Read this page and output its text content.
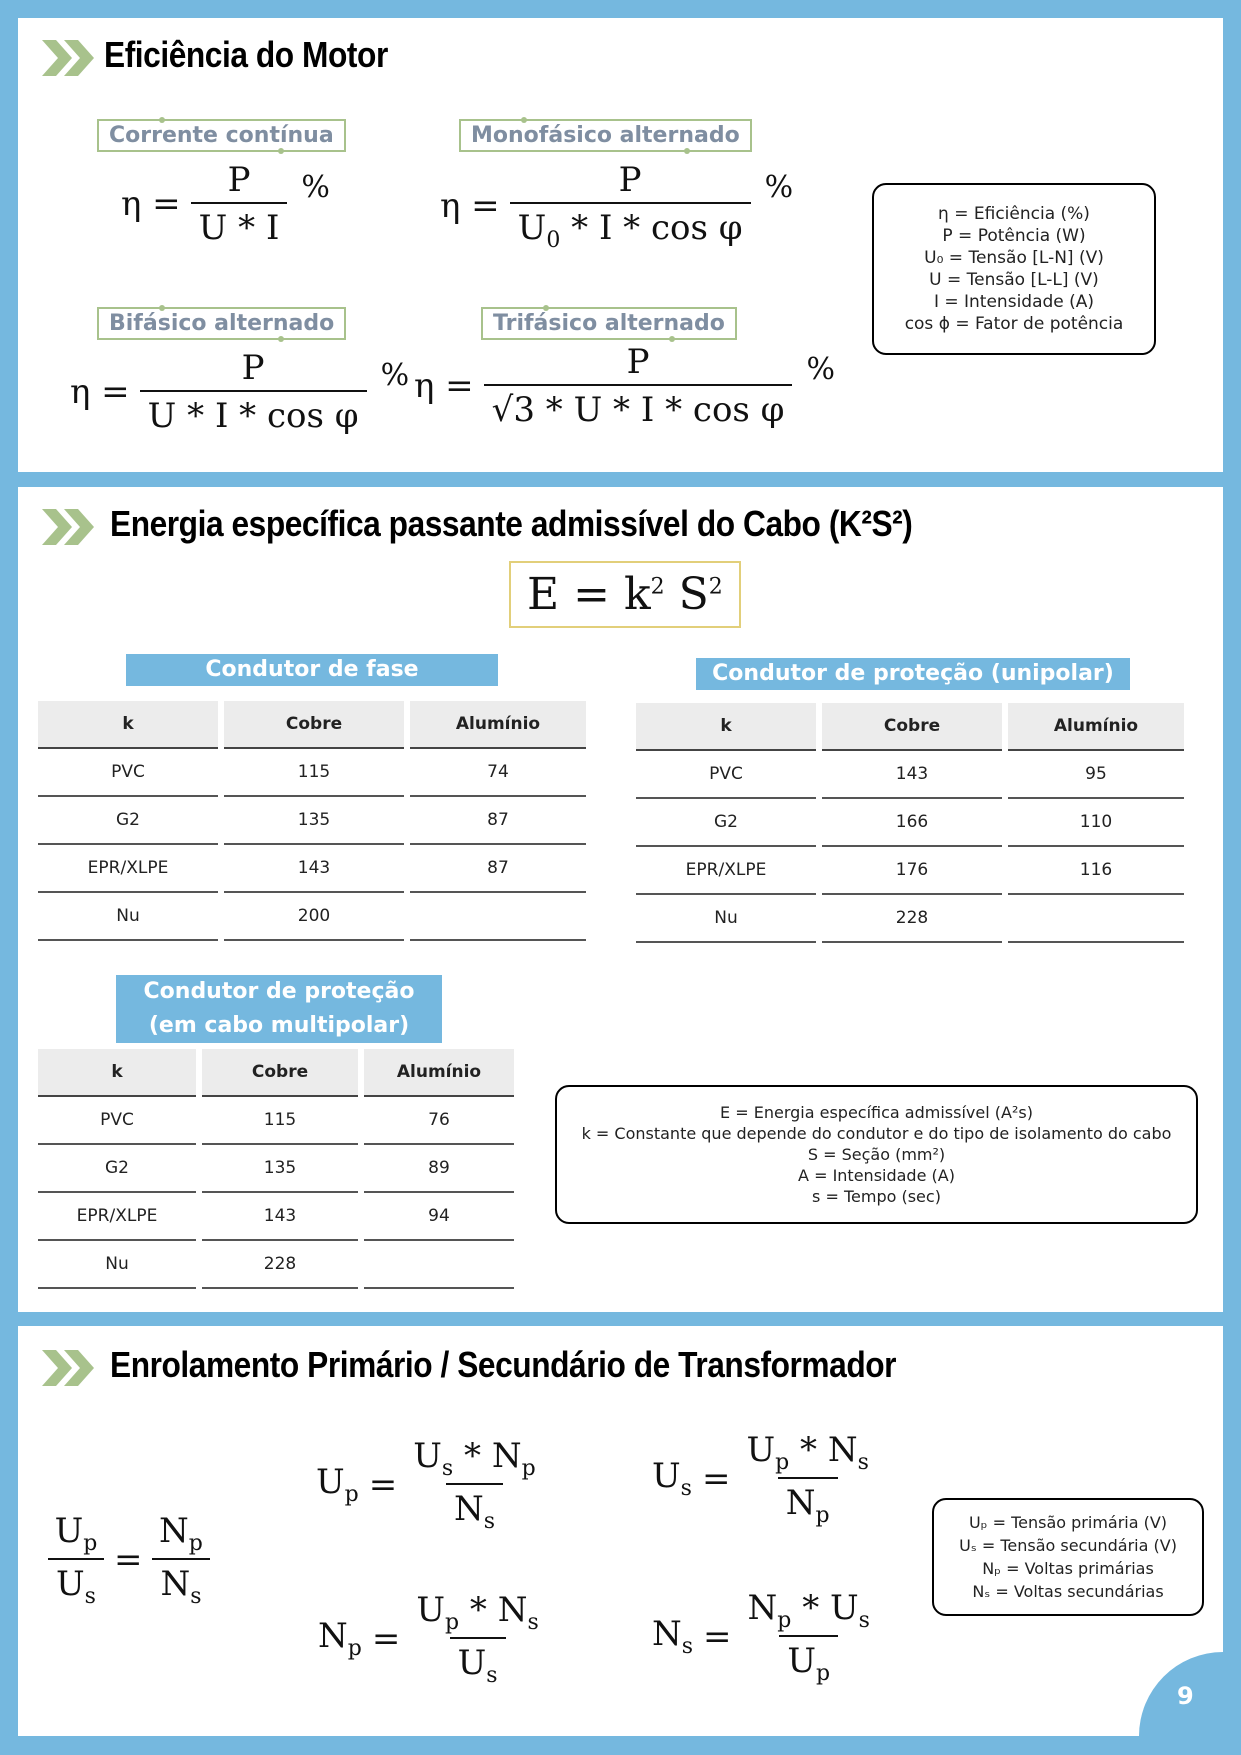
Eficiência do Motor
Corrente contínua
$\eta = \frac{P}{U * I}$ %
Monofásico alternado
$\eta = \frac{P}{U_0 * I * \cos \varphi}$ %
Bifásico alternado
$\eta = \frac{P}{\text{U * I * cos φ}}$ %
Trifásico alternado
$\eta = \frac{P}{\text{√3 * U * I * cos φ}}$ %
η = Eficiência (%)
P = Potência (W)
U₀ = Tensão [L-N] (V)
U = Tensão [L-L] (V)
I = Intensidade (A)
cos ϕ = Fator de potência
Energia específica passante admissível do Cabo (K²S²)
$E = k^2$ $S^2$
Condutor de fase
k	Cobre	Alumínio
PVC	115	74
G2	135	87
EPR/XLPE	143	87
Nu	200	
Condutor de proteção (unipolar)
k	Cobre	Alumínio
PVC	143	95
G2	166	110
EPR/XLPE	176	116
Nu	228	
Condutor de proteção
(em cabo multipolar)
k	Cobre	Alumínio
PVC	115	76
G2	135	89
EPR/XLPE	143	94
Nu	228	
E = Energia específica admissível (A²s)
k = Constante que depende do condutor e do tipo de isolamento do cabo
S = Seção (mm²)
A = Intensidade (A)
s = Tempo (sec)
Enrolamento Primário / Secundário de Transformador
$\frac{U_p}{U_s} = \frac{N_p}{N_s}$
$U_p = \frac{U_s * N_p}{N_s}$	$U_s = \frac{U_p * N_s}{N_p}$
$N_p = \frac{U_p * N_s}{U_s}$	$N_s = \frac{N_p * U_s}{U_p}$
Uₚ = Tensão primária (V)
Uₛ = Tensão secundária (V)
Nₚ = Voltas primárias
Nₛ = Voltas secundárias
9
